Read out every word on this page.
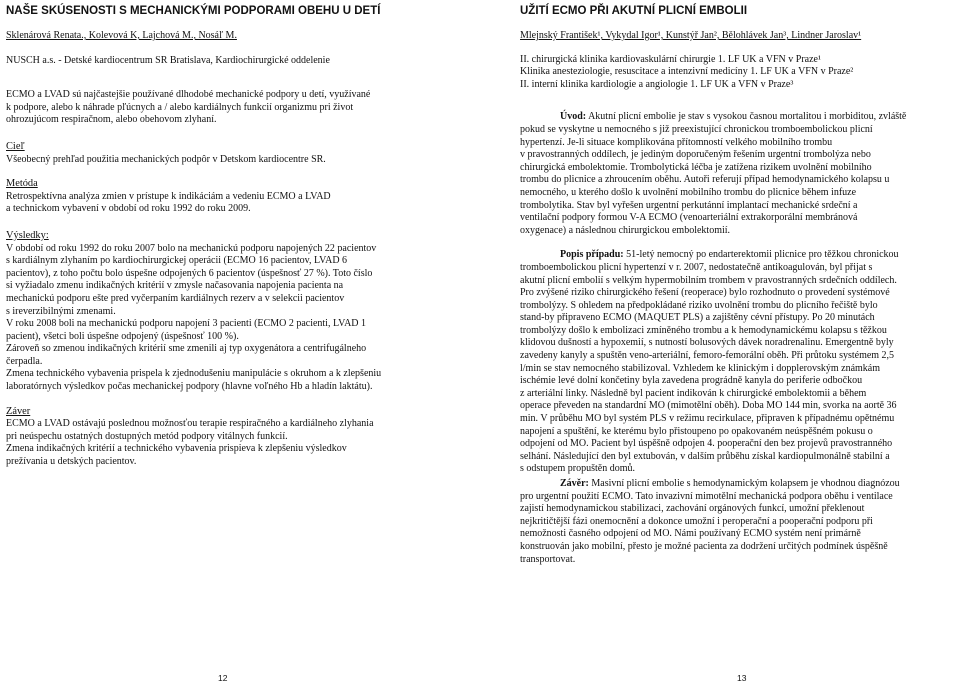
NAŠE SKÚSENOSTI S MECHANICKÝMI PODPORAMI OBEHU U DETÍ

Sklenárová Renata., Kolevová K, Lajchová M., Nosáľ M.

NUSCH a.s. - Detské kardiocentrum SR Bratislava, Kardiochirurgické oddelenie

ECMO a LVAD sú najčastejšie používané dlhodobé mechanické podpory u detí, využívané

k podpore, alebo k náhrade pľúcnych a / alebo kardiálnych funkcií organizmu pri život

ohrozujúcom respiračnom, alebo obehovom zlyhaní.

Cieľ

Všeobecný prehľad použitia mechanických podpôr v Detskom kardiocentre SR.

Metóda

Retrospektívna analýza zmien v prístupe k indikáciám a vedeniu ECMO a LVAD

a technickom vybavení v období od roku 1992 do roku 2009.

Výsledky:

V období od roku 1992 do roku 2007 bolo na mechanickú podporu napojených 22 pacientov

s kardiálnym zlyhaním po kardiochirurgickej operácii (ECMO 16 pacientov, LVAD 6

pacientov), z toho počtu bolo úspešne odpojených 6 pacientov (úspešnosť 27 %). Toto číslo

si vyžiadalo zmenu indikačných kritérií v zmysle načasovania napojenia pacienta na

mechanickú podporu ešte pred vyčerpaním kardiálnych rezerv a v selekcii pacientov

s ireverzibilnými zmenami.

V roku 2008 boli na mechanickú podporu napojení 3 pacienti (ECMO 2 pacienti, LVAD 1

pacient), všetci boli úspešne odpojený (úspešnosť 100 %).

Zároveň so zmenou indikačných kritérií sme zmenili aj typ oxygenátora a centrifugálneho

čerpadla.

Zmena technického vybavenia prispela k zjednodušeniu manipulácie s okruhom a k zlepšeniu

laboratórnych výsledkov počas mechanickej podpory (hlavne voľného Hb a hladín laktátu).

Záver

ECMO a LVAD ostávajú poslednou možnosťou terapie respiračného a kardiálneho zlyhania

pri neúspechu ostatných dostupných metód podpory vitálnych funkcií.

Zmena indikačných kritérií a technického vybavenia prispieva k zlepšeniu výsledkov

prežívania u detských pacientov.

12

UŽITÍ ECMO PŘI AKUTNÍ PLICNÍ EMBOLII

Mlejnský František¹, Vykydal Igor¹, Kunstýř Jan², Bělohlávek Jan³, Lindner Jaroslav¹

II. chirurgická klinika kardiovaskulární chirurgie 1. LF UK a VFN v Praze¹

Klinika anesteziologie, resuscitace a intenzivní medicíny 1. LF UK a VFN v Praze²

II. interní klinika kardiologie a angiologie 1. LF UK a VFN v Praze³

Úvod: Akutní plicní embolie je stav s vysokou časnou mortalitou i morbiditou, zvláště

pokud se vyskytne u nemocného s již preexistující chronickou tromboembolickou plicní

hypertenzí. Je-li situace komplikována přítomností velkého mobilního trombu

v pravostranných oddílech, je jediným doporučeným řešením urgentní trombolýza nebo

chirurgická embolektomie. Trombolytická léčba je zatížena rizikem uvolnění mobilního

trombu do plicnice a zhroucením oběhu. Autoři referují případ hemodynamického kolapsu u

nemocného, u kterého došlo k uvolnění mobilního trombu do plicnice během infuze

trombolytika. Stav byl vyřešen urgentní perkutánní implantací mechanické srdeční a

ventilační podpory formou V-A ECMO (venoarteriální extrakorporální membránová

oxygenace) a následnou chirurgickou embolektomií.

Popis případu: 51-letý nemocný po endarterektomii plicnice pro těžkou chronickou

tromboembolickou plicní hypertenzí v r. 2007, nedostatečně antikoagulován, byl přijat s

akutní plicní embolií s velkým hypermobilním trombem v pravostranných srdečních oddílech.

Pro zvýšené riziko chirurgického řešení (reoperace) bylo rozhodnuto o provedení systémové

trombolýzy. S ohledem na předpokládané riziko uvolnění trombu do plicního řečiště bylo

stand-by připraveno ECMO (MAQUET PLS) a zajištěny cévní přístupy. Po 20 minutách

trombolýzy došlo k embolizaci zmíněného trombu a k hemodynamickému kolapsu s těžkou

klidovou dušností a hypoxemií, s nutností bolusových dávek noradrenalinu. Emergentně byly

zavedeny kanyly a spuštěn veno-arteriální, femoro-femorální oběh. Při průtoku systémem 2,5

l/min se stav nemocného stabilizoval. Vzhledem ke klinickým i dopplerovským známkám

ischémie levé dolní končetiny byla zavedena prográdně kanyla do periferie odbočkou

z arteriální linky. Následně byl pacient indikován k chirurgické embolektomii a během

operace převeden na standardní MO (mimotělní oběh). Doba MO 144 min, svorka na aortě 36

min. V průběhu MO byl systém PLS v režimu recirkulace, připraven k případnému opětnému

napojení a spuštění, ke kterému bylo přistoupeno po opakovaném neúspěšném pokusu o

odpojení od MO. Pacient byl úspěšně odpojen 4. pooperační den bez projevů pravostranného

selhání. Následující den byl extubován, v dalším průběhu získal kardiopulmonálně stabilní a

s odstupem propuštěn domů.

Závěr: Masivní plicní embolie s hemodynamickým kolapsem je vhodnou diagnózou

pro urgentní použití ECMO. Tato invazivní mimotělní mechanická podpora oběhu i ventilace

zajistí hemodynamickou stabilizaci, zachování orgánových funkcí, umožní překlenout

nejkritičtější fázi onemocnění a dokonce umožní i peroperační a pooperační podporu při

nemožnosti časného odpojení od MO. Námi používaný ECMO systém není primárně

konstruován jako mobilní, přesto je možné pacienta za dodržení určitých podmínek úspěšně

transportovat.

13
